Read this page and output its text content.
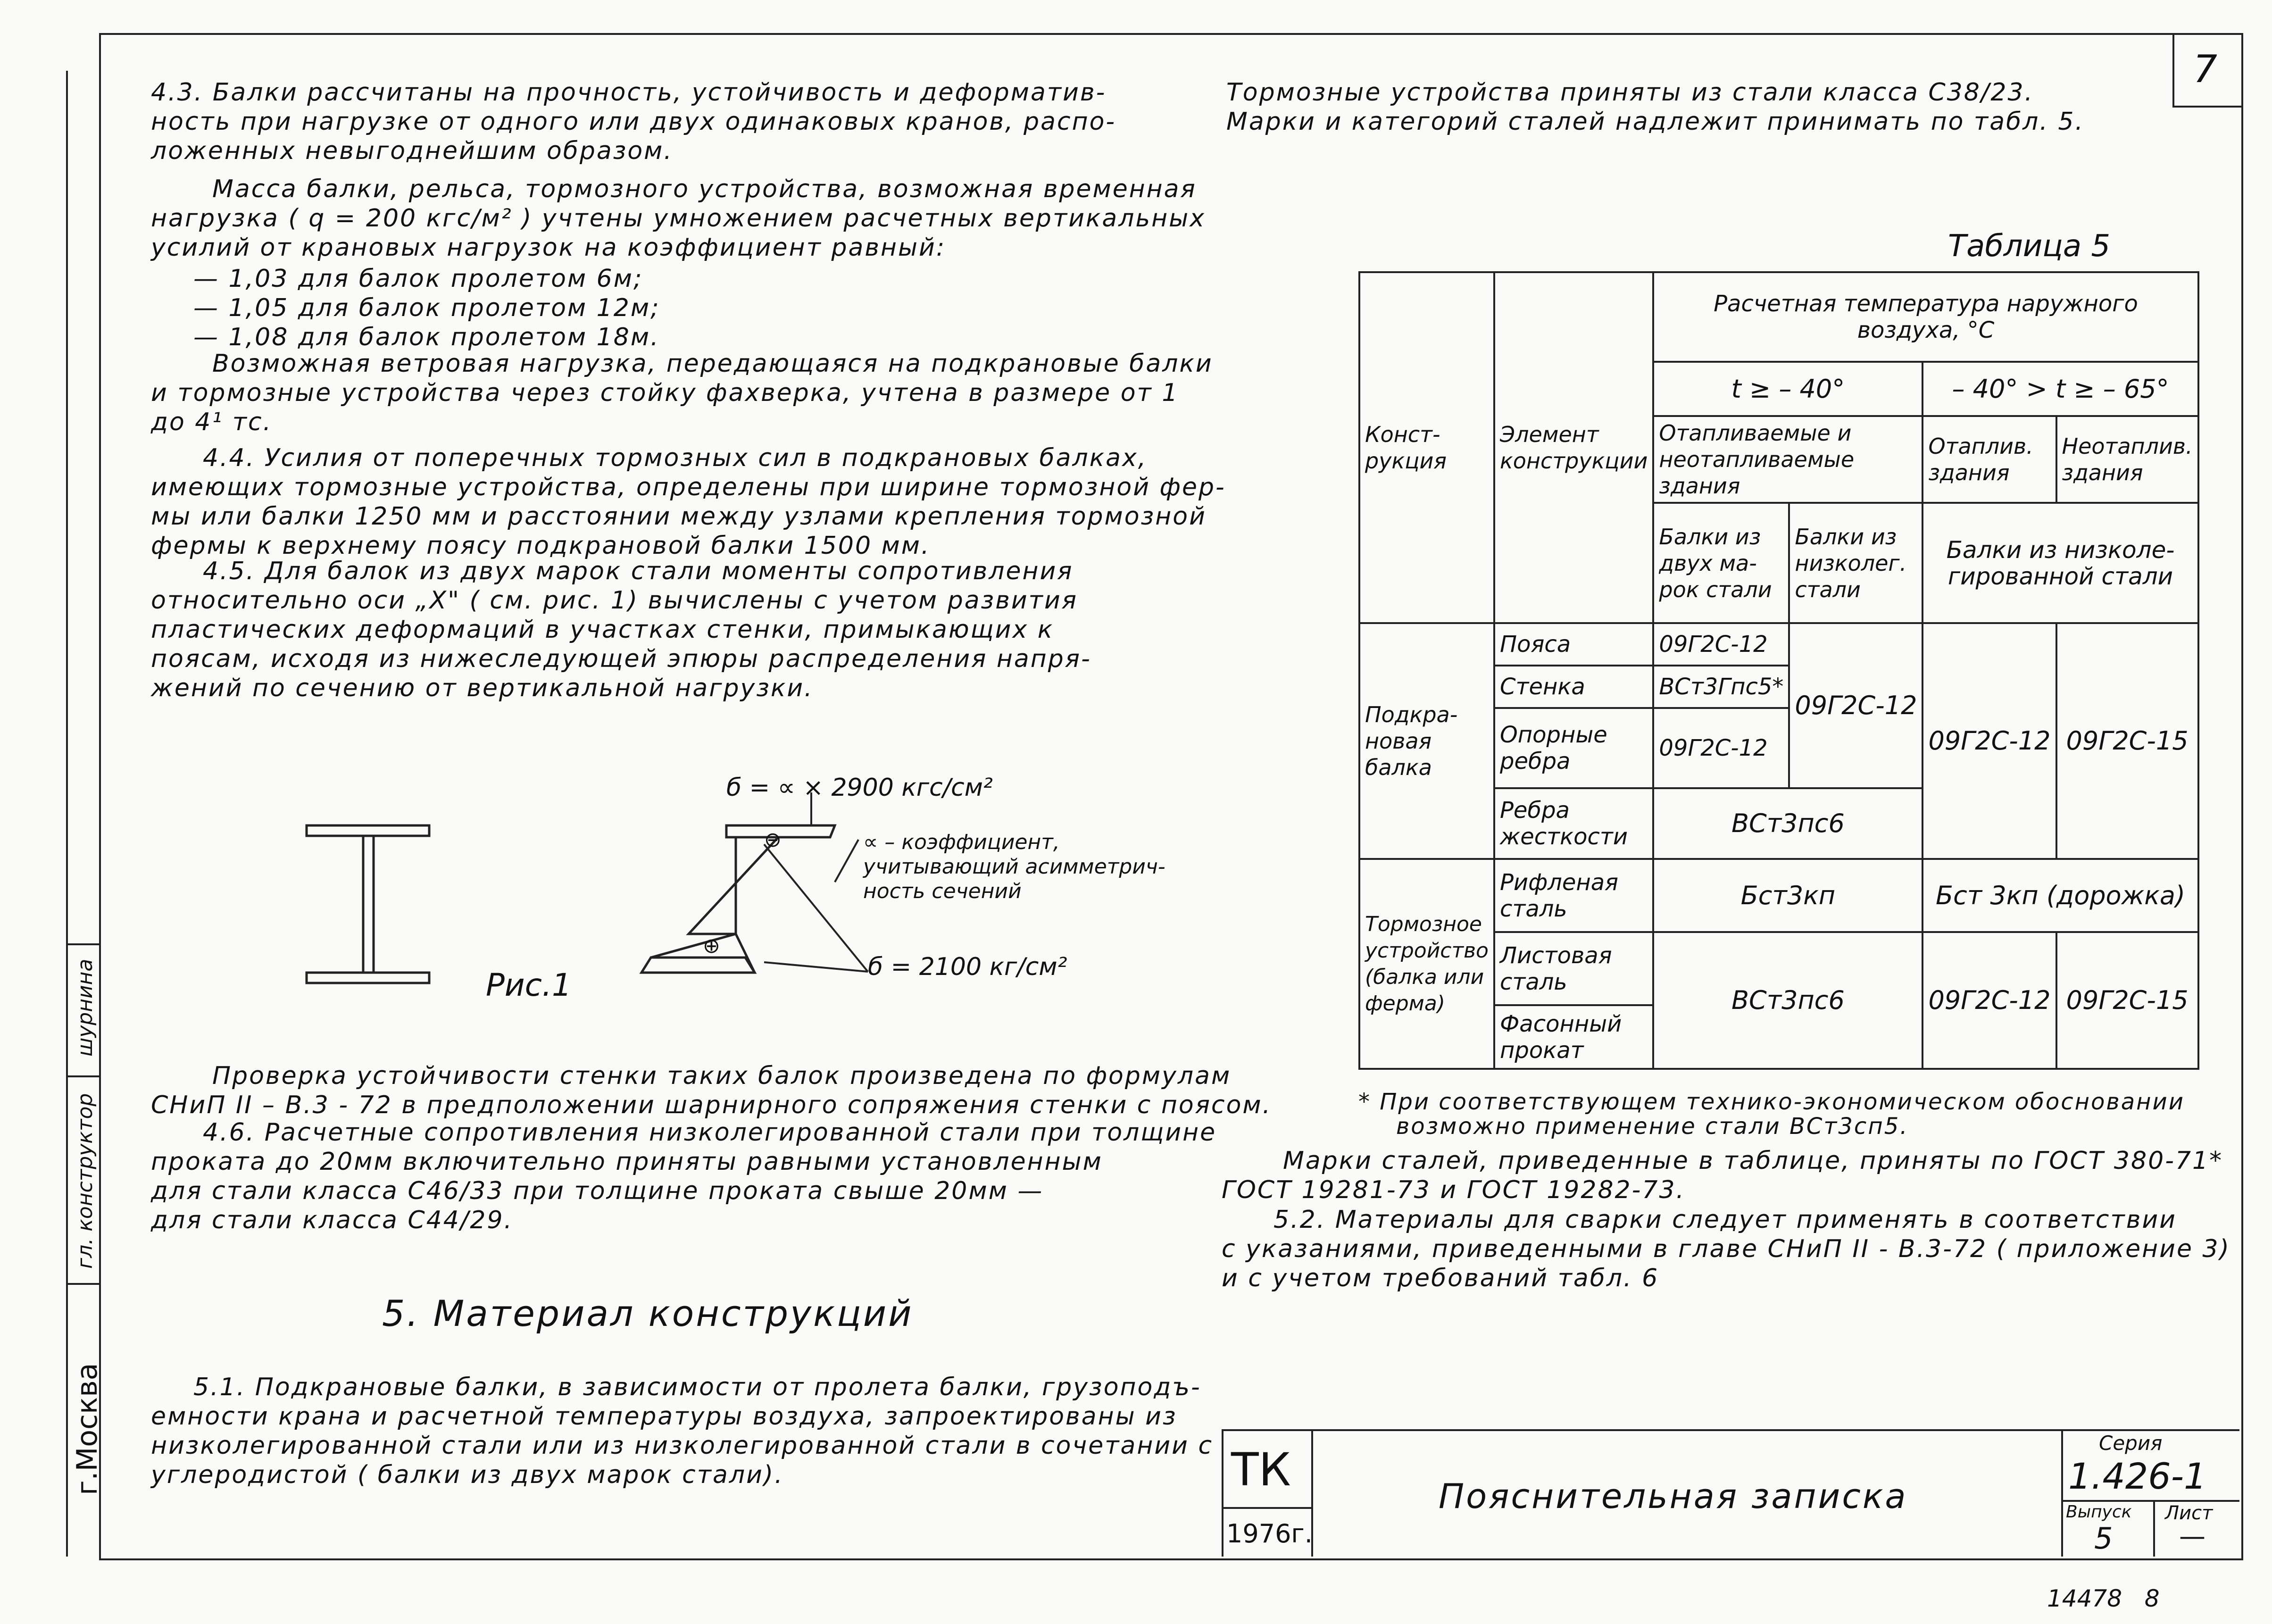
7
г.Москва
гл. конструктор
шурнина
4.3. Балки рассчитаны на прочность, устойчивость и деформатив-
ность при нагрузке от одного или двух одинаковых кранов, распо-
ложенных невыгоднейшим образом.
Масса балки, рельса, тормозного устройства, возможная временная
нагрузка ( q = 200 кгс/м² ) учтены умножением расчетных вертикальных
усилий от крановых нагрузок на коэффициент равный:
— 1,03 для балок пролетом 6м;
— 1,05 для балок пролетом 12м;
— 1,08 для балок пролетом 18м.
Возможная ветровая нагрузка, передающаяся на подкрановые балки
и тормозные устройства через стойку фахверка, учтена в размере от 1
до 4¹ тс.
4.4. Усилия от поперечных тормозных сил в подкрановых балках,
имеющих тормозные устройства, определены при ширине тормозной фер-
мы или балки 1250 мм и расстоянии между узлами крепления тормозной
фермы к верхнему поясу подкрановой балки 1500 мм.
4.5. Для балок из двух марок стали моменты сопротивления
относительно оси „X" ( см. рис. 1) вычислены с учетом развития
пластических деформаций в участках стенки, примыкающих к
поясам, исходя из нижеследующей эпюры распределения напря-
жений по сечению от вертикальной нагрузки.
б = ∝ × 2900 кгс/см²
∝ – коэффициент,
учитывающий асимметрич-
ность сечений
б = 2100 кг/см²
Рис.1
⊖
⊕
Проверка устойчивости стенки таких балок произведена по формулам
СНиП II – В.3 - 72 в предположении шарнирного сопряжения стенки с поясом.
4.6. Расчетные сопротивления низколегированной стали при толщине
проката до 20мм включительно приняты равными установленным
для стали класса С46/33 при толщине проката свыше 20мм —
для стали класса С44/29.
5. Материал конструкций
5.1. Подкрановые балки, в зависимости от пролета балки, грузоподъ-
емности крана и расчетной температуры воздуха, запроектированы из
низколегированной стали или из низколегированной стали в сочетании с
углеродистой ( балки из двух марок стали).
Тормозные устройства приняты из стали класса С38/23.
Марки и категорий сталей надлежит принимать по табл. 5.
Таблица 5
Конст- рукция	Элемент конструкции	Расчетная температура наружного воздуха, °С			
		t ≥ – 40°		– 40° > t ≥ – 65°	
		Отапливаемые и неотапливаемые здания		Отаплив. здания	Неотаплив. здания
		Балки из двух ма- рок стали	Балки из низколег. стали	Балки из низколе- гированной стали	
Подкра- новая балка	Пояса	09Г2С-12	09Г2С-12	09Г2С-12	09Г2С-15
	Стенка	ВСт3Гпс5*			
	Опорные ребра	09Г2С-12			
	Ребра жесткости	ВСт3пс6			
Тормозное устройство (балка или ферма)	Рифленая сталь	Бст3кп		Бст 3кп (дорожка)	
	Листовая сталь	ВСт3пс6		09Г2С-12	09Г2С-15
	Фасонный прокат				
* При соответствующем технико-экономическом обосновании
возможно применение стали ВСт3сп5.
Марки сталей, приведенные в таблице, приняты по ГОСТ 380-71*
ГОСТ 19281-73 и ГОСТ 19282-73.
5.2. Материалы для сварки следует применять в соответствии
с указаниями, приведенными в главе СНиП II - В.3-72 ( приложение 3)
и с учетом требований табл. 6
ТК
1976г.
Пояснительная записка
Серия
1.426-1
Выпуск
5
Лист
—
14478   8
